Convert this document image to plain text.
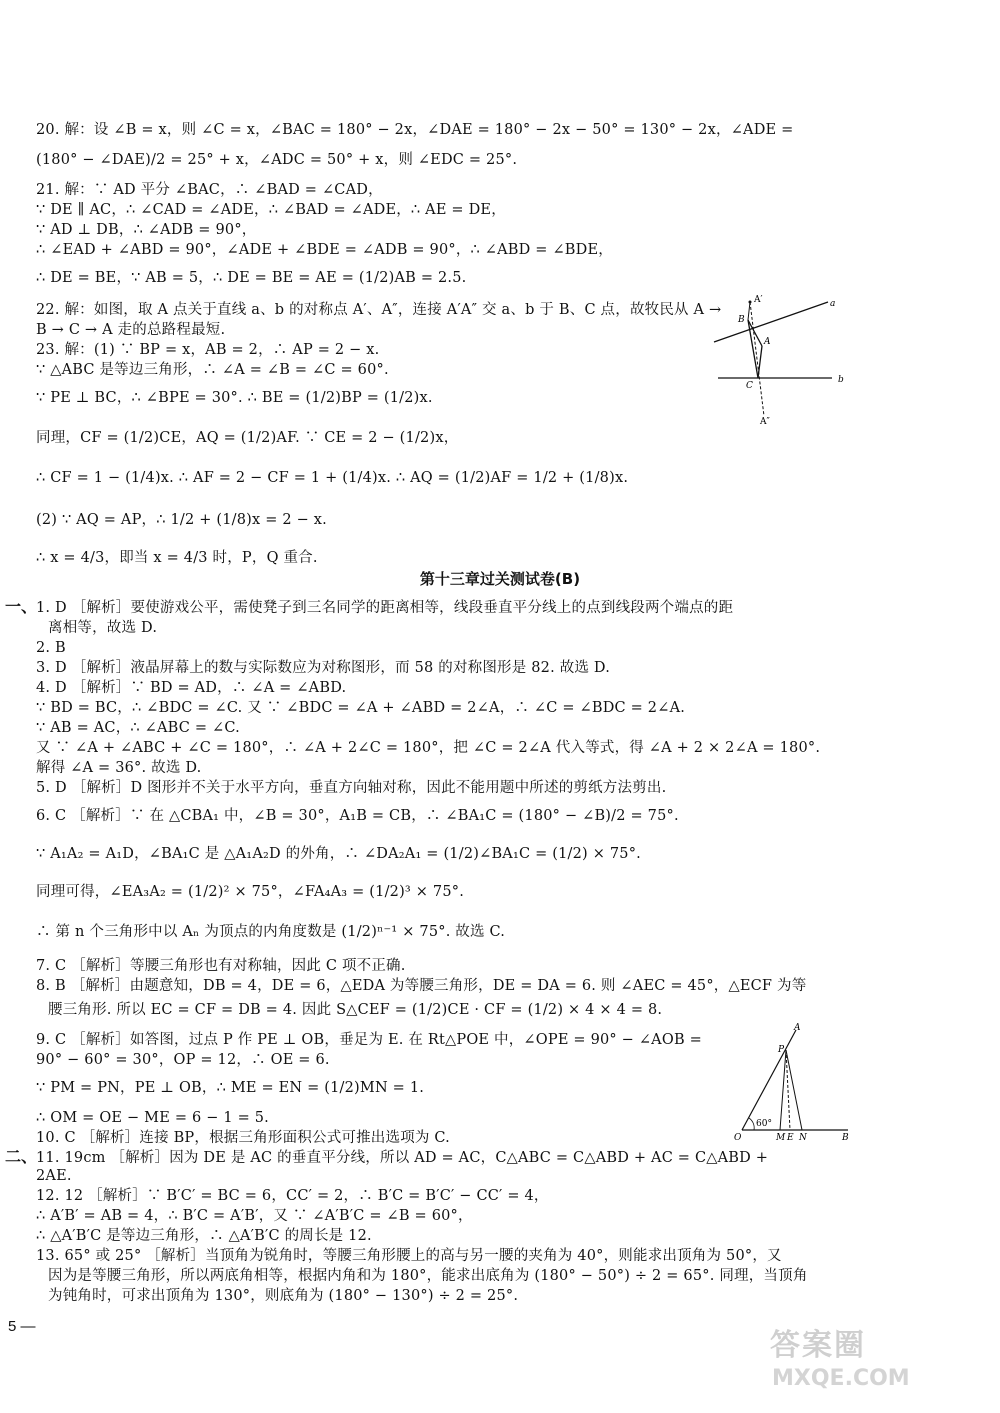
20. 解：设 ∠B = x，则 ∠C = x，∠BAC = 180° − 2x，∠DAE = 180° − 2x − 50° = 130° − 2x，∠ADE =
(180° − ∠DAE)/2 = 25° + x，∠ADC = 50° + x，则 ∠EDC = 25°.
21. 解：∵ AD 平分 ∠BAC，∴ ∠BAD = ∠CAD，
∵ DE ∥ AC，∴ ∠CAD = ∠ADE，∴ ∠BAD = ∠ADE，∴ AE = DE，
∵ AD ⊥ DB，∴ ∠ADB = 90°，
∴ ∠EAD + ∠ABD = 90°，∠ADE + ∠BDE = ∠ADB = 90°，∴ ∠ABD = ∠BDE，
∴ DE = BE，∵ AB = 5，∴ DE = BE = AE = (1/2)AB = 2.5.
22. 解：如图，取 A 点关于直线 a、b 的对称点 A′、A″，连接 A′A″ 交 a、b 于 B、C 点，故牧民从 A →
B → C → A 走的总路程最短.
23. 解：(1) ∵ BP = x，AB = 2，∴ AP = 2 − x.
∵ △ABC 是等边三角形，∴ ∠A = ∠B = ∠C = 60°.
∵ PE ⊥ BC，∴ ∠BPE = 30°. ∴ BE = (1/2)BP = (1/2)x.
同理，CF = (1/2)CE，AQ = (1/2)AF. ∵ CE = 2 − (1/2)x，
∴ CF = 1 − (1/4)x. ∴ AF = 2 − CF = 1 + (1/4)x. ∴ AQ = (1/2)AF = 1/2 + (1/8)x.
(2) ∵ AQ = AP，∴ 1/2 + (1/8)x = 2 − x.
∴ x = 4/3，即当 x = 4/3 时，P，Q 重合.
1. D ［解析］要使游戏公平，需使凳子到三名同学的距离相等，线段垂直平分线上的点到线段两个端点的距
离相等，故选 D.
2. B
3. D ［解析］液晶屏幕上的数与实际数应为对称图形，而 58 的对称图形是 82. 故选 D.
4. D ［解析］∵ BD = AD，∴ ∠A = ∠ABD.
∵ BD = BC，∴ ∠BDC = ∠C. 又 ∵ ∠BDC = ∠A + ∠ABD = 2∠A，∴ ∠C = ∠BDC = 2∠A.
∵ AB = AC，∴ ∠ABC = ∠C.
又 ∵ ∠A + ∠ABC + ∠C = 180°，∴ ∠A + 2∠C = 180°，把 ∠C = 2∠A 代入等式，得 ∠A + 2 × 2∠A = 180°.
解得 ∠A = 36°. 故选 D.
5. D ［解析］D 图形并不关于水平方向，垂直方向轴对称，因此不能用题中所述的剪纸方法剪出.
6. C ［解析］∵ 在 △CBA₁ 中，∠B = 30°，A₁B = CB，∴ ∠BA₁C = (180° − ∠B)/2 = 75°.
∵ A₁A₂ = A₁D，∠BA₁C 是 △A₁A₂D 的外角，∴ ∠DA₂A₁ = (1/2)∠BA₁C = (1/2) × 75°.
同理可得，∠EA₃A₂ = (1/2)² × 75°，∠FA₄A₃ = (1/2)³ × 75°.
∴ 第 n 个三角形中以 Aₙ 为顶点的内角度数是 (1/2)ⁿ⁻¹ × 75°. 故选 C.
7. C ［解析］等腰三角形也有对称轴，因此 C 项不正确.
8. B ［解析］由题意知，DB = 4，DE = 6，△EDA 为等腰三角形，DE = DA = 6. 则 ∠AEC = 45°，△ECF 为等
腰三角形. 所以 EC = CF = DB = 4. 因此 S△CEF = (1/2)CE · CF = (1/2) × 4 × 4 = 8.
9. C ［解析］如答图，过点 P 作 PE ⊥ OB，垂足为 E. 在 Rt△POE 中，∠OPE = 90° − ∠AOB =
90° − 60° = 30°，OP = 12，∴ OE = 6.
∵ PM = PN，PE ⊥ OB，∴ ME = EN = (1/2)MN = 1.
∴ OM = OE − ME = 6 − 1 = 5.
10. C ［解析］连接 BP，根据三角形面积公式可推出选项为 C.
11. 19cm ［解析］因为 DE 是 AC 的垂直平分线，所以 AD = AC，C△ABC = C△ABD + AC = C△ABD +
2AE.
12. 12 ［解析］∵ B′C′ = BC = 6，CC′ = 2，∴ B′C = B′C′ − CC′ = 4，
∴ A′B′ = AB = 4，∴ B′C = A′B′，又 ∵ ∠A′B′C = ∠B = 60°，
∴ △A′B′C 是等边三角形，∴ △A′B′C 的周长是 12.
13. 65° 或 25° ［解析］当顶角为锐角时，等腰三角形腰上的高与另一腰的夹角为 40°，则能求出顶角为 50°，又
因为是等腰三角形，所以两底角相等，根据内角和为 180°，能求出底角为 (180° − 50°) ÷ 2 = 65°. 同理，当顶角
为钝角时，可求出顶角为 130°，则底角为 (180° − 130°) ÷ 2 = 25°.
第十三章过关测试卷(B)
一、
二、
A′	a
B
A
C
b
A″
A
P
60°
O	M E N	B
5 —
答案圈
MXQE.COM
